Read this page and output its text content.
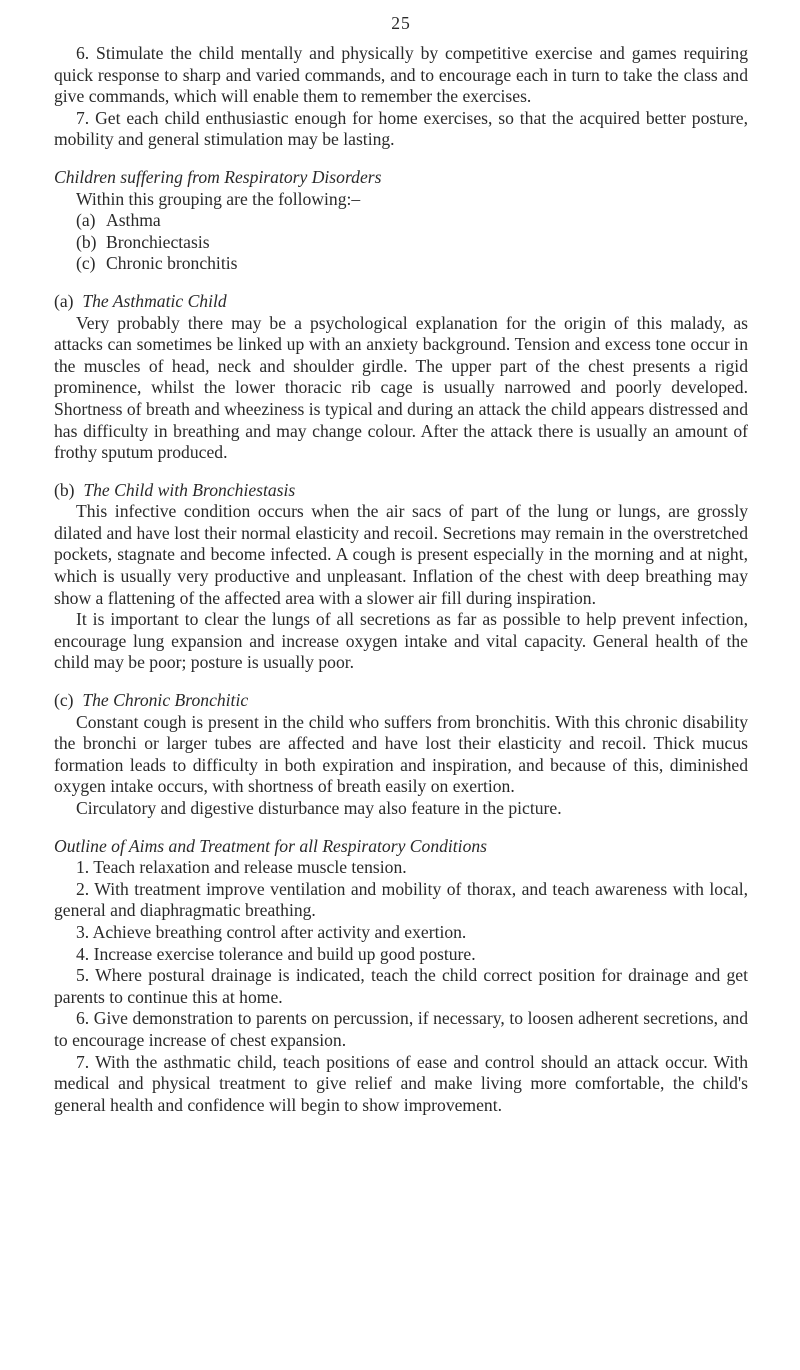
25

6. Stimulate the child mentally and physically by competitive exercise and games requiring quick response to sharp and varied commands, and to encourage each in turn to take the class and give commands, which will enable them to remember the exercises.

7. Get each child enthusiastic enough for home exercises, so that the acquired better posture, mobility and general stimulation may be lasting.

Children suffering from Respiratory Disorders

Within this grouping are the following:–

(a) Asthma
(b) Bronchiectasis
(c) Chronic bronchitis

(a) The Asthmatic Child

Very probably there may be a psychological explanation for the origin of this malady, as attacks can sometimes be linked up with an anxiety background. Tension and excess tone occur in the muscles of head, neck and shoulder girdle. The upper part of the chest presents a rigid prominence, whilst the lower thoracic rib cage is usually narrowed and poorly developed. Shortness of breath and wheeziness is typical and during an attack the child appears distressed and has difficulty in breathing and may change colour. After the attack there is usually an amount of frothy sputum produced.

(b) The Child with Bronchiestasis

This infective condition occurs when the air sacs of part of the lung or lungs, are grossly dilated and have lost their normal elasticity and recoil. Secretions may remain in the overstretched pockets, stagnate and become infected. A cough is present especially in the morning and at night, which is usually very productive and unpleasant. Inflation of the chest with deep breathing may show a flattening of the affected area with a slower air fill during inspiration.

It is important to clear the lungs of all secretions as far as possible to help prevent infection, encourage lung expansion and increase oxygen intake and vital capacity. General health of the child may be poor; posture is usually poor.

(c) The Chronic Bronchitic

Constant cough is present in the child who suffers from bronchitis. With this chronic disability the bronchi or larger tubes are affected and have lost their elasticity and recoil. Thick mucus formation leads to difficulty in both expiration and inspiration, and because of this, diminished oxygen intake occurs, with shortness of breath easily on exertion.

Circulatory and digestive disturbance may also feature in the picture.

Outline of Aims and Treatment for all Respiratory Conditions

1. Teach relaxation and release muscle tension.

2. With treatment improve ventilation and mobility of thorax, and teach awareness with local, general and diaphragmatic breathing.

3. Achieve breathing control after activity and exertion.

4. Increase exercise tolerance and build up good posture.

5. Where postural drainage is indicated, teach the child correct position for drainage and get parents to continue this at home.

6. Give demonstration to parents on percussion, if necessary, to loosen adherent secretions, and to encourage increase of chest expansion.

7. With the asthmatic child, teach positions of ease and control should an attack occur. With medical and physical treatment to give relief and make living more comfortable, the child's general health and confidence will begin to show improvement.
